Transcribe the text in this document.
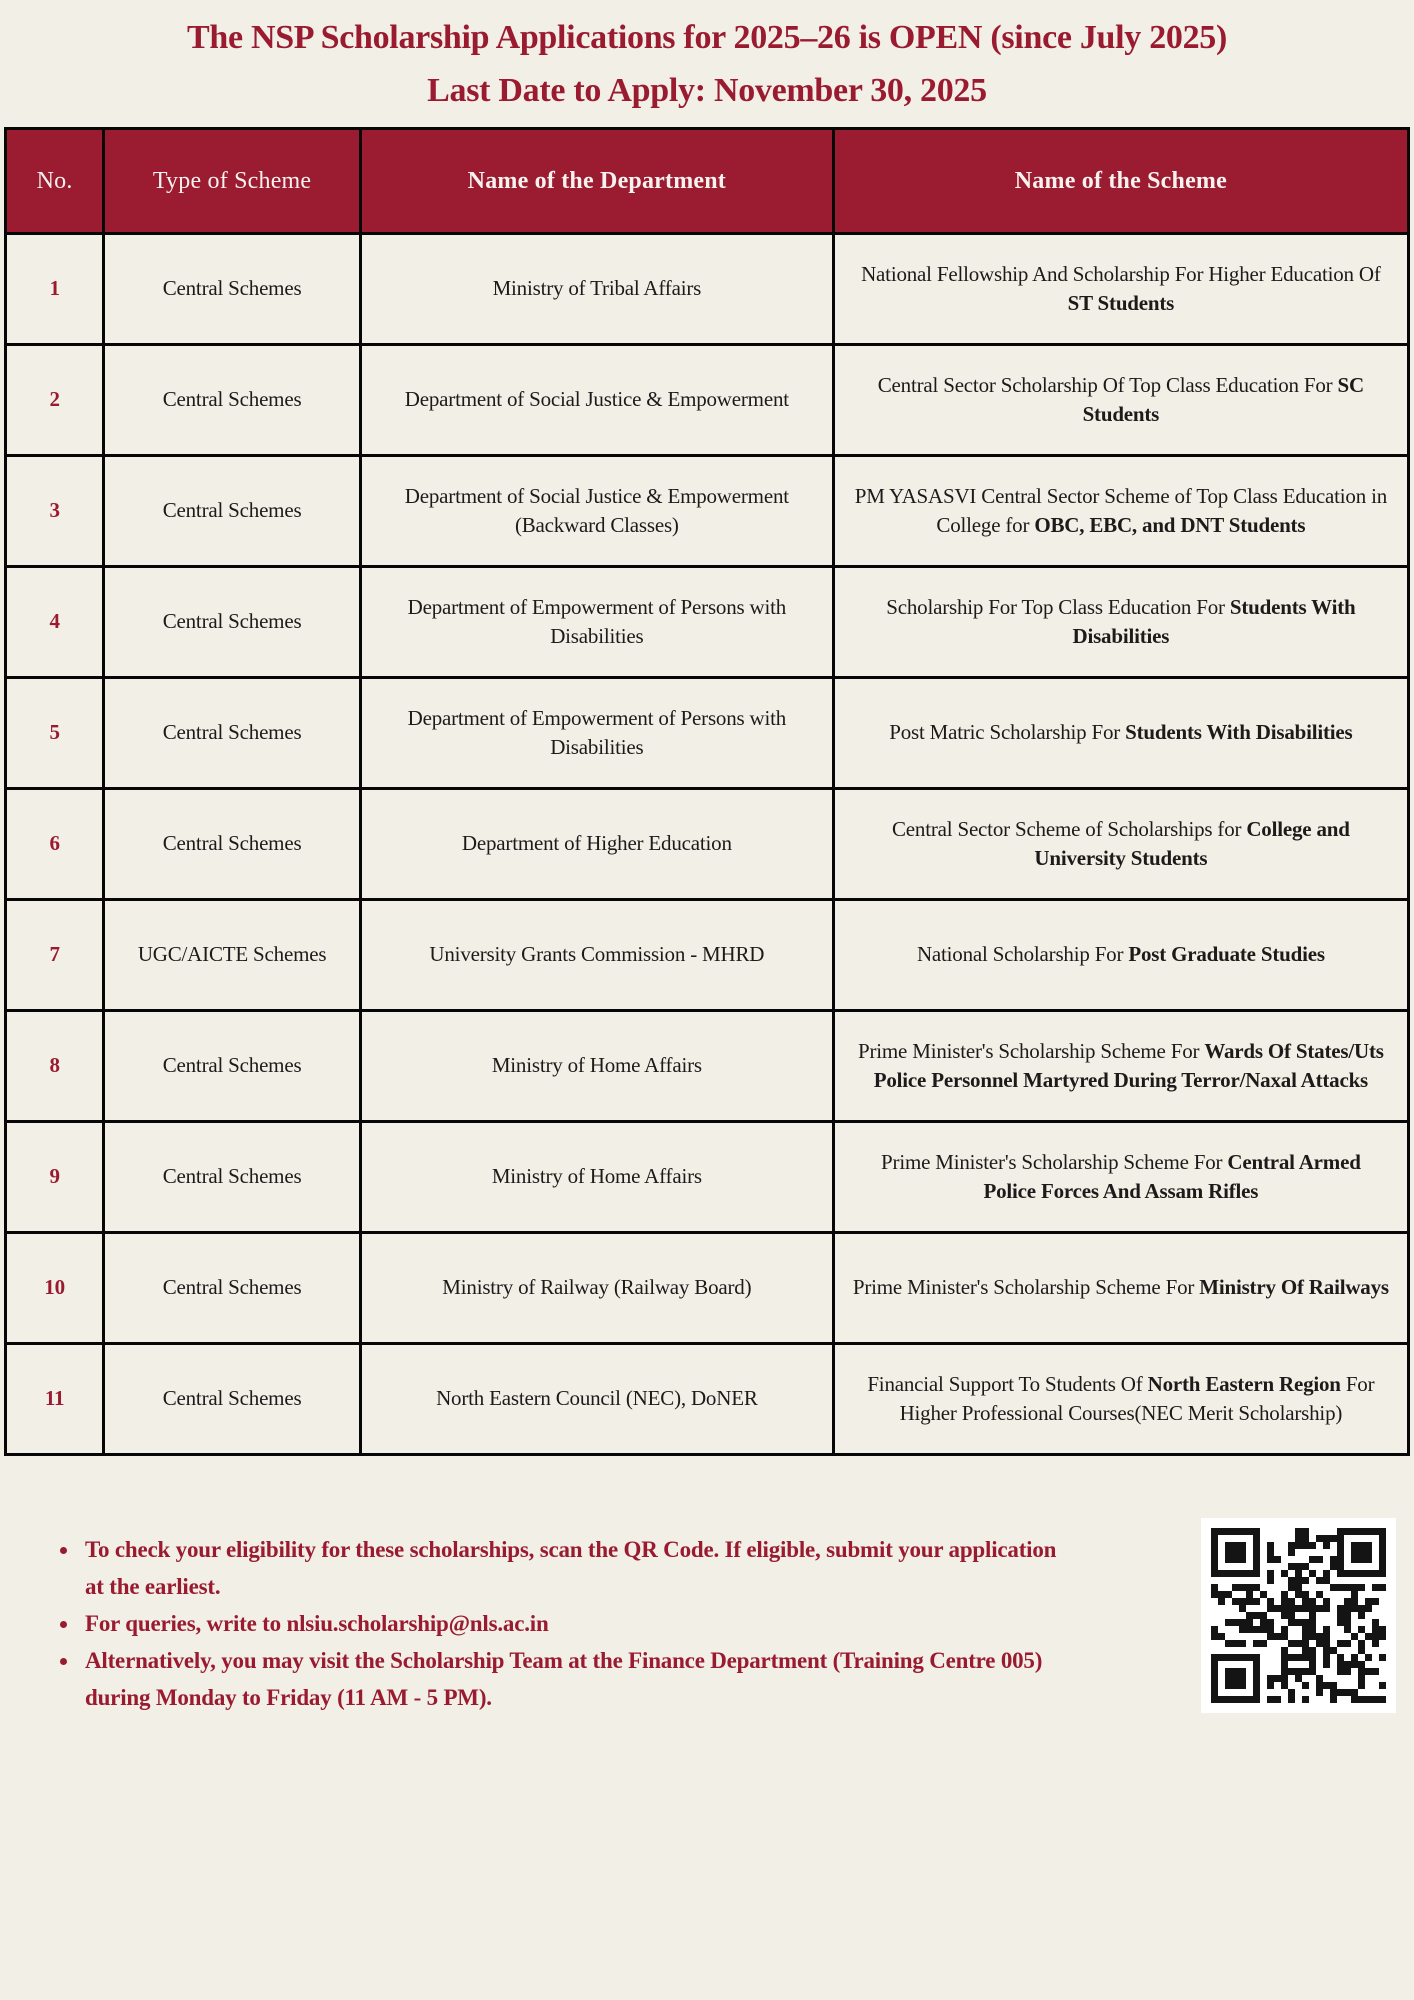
The NSP Scholarship Applications for 2025–26 is OPEN (since July 2025)
Last Date to Apply: November 30, 2025
No.	Type of Scheme	Name of the Department	Name of the Scheme
1	Central Schemes	Ministry of Tribal Affairs	National Fellowship And Scholarship For Higher Education Of ST Students
2	Central Schemes	Department of Social Justice & Empowerment	Central Sector Scholarship Of Top Class Education For SC Students
3	Central Schemes	Department of Social Justice & Empowerment (Backward Classes)	PM YASASVI Central Sector Scheme of Top Class Education in College for OBC, EBC, and DNT Students
4	Central Schemes	Department of Empowerment of Persons with Disabilities	Scholarship For Top Class Education For Students With Disabilities
5	Central Schemes	Department of Empowerment of Persons with Disabilities	Post Matric Scholarship For Students With Disabilities
6	Central Schemes	Department of Higher Education	Central Sector Scheme of Scholarships for College and University Students
7	UGC/AICTE Schemes	University Grants Commission - MHRD	National Scholarship For Post Graduate Studies
8	Central Schemes	Ministry of Home Affairs	Prime Minister's Scholarship Scheme For Wards Of States/Uts Police Personnel Martyred During Terror/Naxal Attacks
9	Central Schemes	Ministry of Home Affairs	Prime Minister's Scholarship Scheme For Central Armed Police Forces And Assam Rifles
10	Central Schemes	Ministry of Railway (Railway Board)	Prime Minister's Scholarship Scheme For Ministry Of Railways
11	Central Schemes	North Eastern Council (NEC), DoNER	Financial Support To Students Of North Eastern Region For Higher Professional Courses(NEC Merit Scholarship)
To check your eligibility for these scholarships, scan the QR Code. If eligible, submit your application at the earliest.
For queries, write to nlsiu.scholarship@nls.ac.in
Alternatively, you may visit the Scholarship Team at the Finance Department (Training Centre 005) during Monday to Friday (11 AM - 5 PM).
